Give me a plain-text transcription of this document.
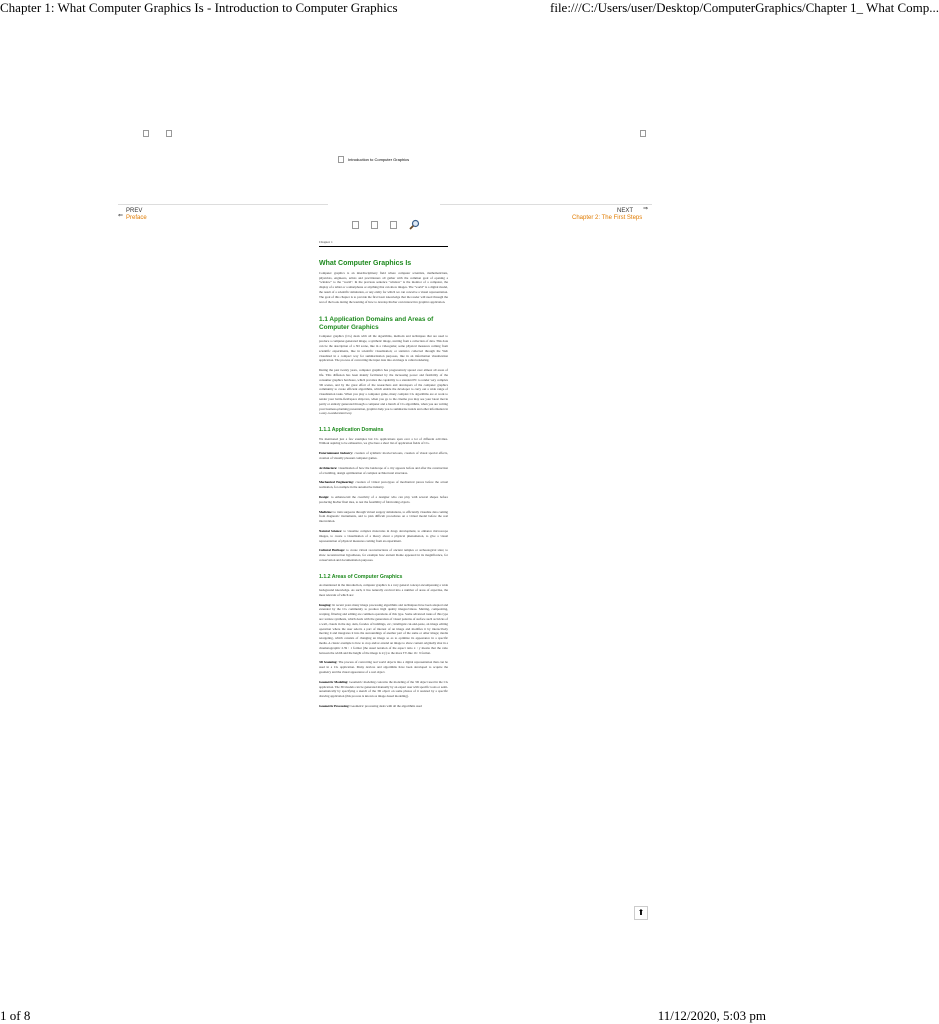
Chapter 1: What Computer Graphics Is - Introduction to Computer Graphics	file:///C:/Users/user/Desktop/ComputerGraphics/Chapter 1_ What Comp...
Introduction to Computer Graphics
PREV
⇐ Preface
NEXT ⇒
Chapter 2: The First Steps
Chapter 1
What Computer Graphics Is

Computer graphics is an interdisciplinary field where computer scientists, mathematicians, physicists, engineers, artists and practitioners all gather with the common goal of opening a "window" to the "world". In the previous sentence "window" is the monitor of a computer, the display of a tablet or a smartphone or anything that can show images. The "world" is a digital model, the result of a scientific simulation, or any entity for which we can conceive a visual representation. The goal of this chapter is to provide the first basic knowledge that the reader will need through the rest of the book during the learning of how to develop his/her own interactive graphics application.

1.1 Application Domains and Areas of Computer Graphics

Computer graphics (CG) deals with all the algorithms, methods and techniques that are used to produce a computer-generated image, a synthetic image, starting from a collection of data. This data can be the description of a 3D scene, like in a videogame; some physical measures coming from scientific experiments, like in scientific visualization; or statistics collected through the Web visualized in a compact way for summarization purposes, like in an information visualization application. The process of converting the input data into an image is called rendering.

During the past twenty years, computer graphics has progressively spread over almost all areas of life. This diffusion has been mainly facilitated by the increasing power and flexibility of the consumer graphics hardware, which provides the capability to a standard PC to render very complex 3D scenes, and by the great effort of the researchers and developers of the computer graphics community to create efficient algorithms, which enable the developer to carry out a wide range of visualization tasks. When you play a computer game, many complex CG algorithms are at work to render your battle-field/space ship/cars, when you go to the cinema you may see your latest movie partly or entirely generated through a computer and a bunch of CG algorithms, when you are writing your business-planning presentation, graphics help you to summarize trends and other information in a easy-to-understand way.

1.1.1 Application Domains

We mentioned just a few examples but CG applications span over a lot of different activities. Without aspiring to be exhaustive, we give here a short list of application fields of CG.

Entertainment Industry: creation of synthetic movie/cartoons, creation of visual special effects, creation of visually pleasant computer games.

Architecture: visualization of how the landscape of a city appears before and after the construction of a building, design optimization of complex architectural structures.

Mechanical Engineering: creation of virtual prototypes of mechanical pieces before the actual realization, for example in the automotive industry.

Design: to enhance/aid the creativity of a designer who can play with several shapes before producing his/her final idea, to test the feasibility of fabricating objects.

Medicine: to train surgeons through virtual surgery simulations, to efficiently visualize data coming from diagnostic instruments, and to plan difficult procedures on a virtual model before the real intervention.

Natural Science: to visualize complex molecules in drugs development, to enhance microscope images, to create a visualization of a theory about a physical phenomenon, to give a visual representation of physical measures coming from an experiment.

Cultural Heritage: to create virtual reconstructions of ancient temples or archeological sites; to show reconstruction hypotheses, for example how ancient Rome appeared in its magnificence, for conservation and documentation purposes.

1.1.2 Areas of Computer Graphics

As mentioned in the introduction, computer graphics is a very general concept encompassing a wide background knowledge. As such, it has naturally evolved into a number of areas of expertise, the most relevant of which are:

Imaging: In recent years many image processing algorithms and techniques have been adopted and extended by the CG community to produce high quality images/videos. Matting, compositing, warping, filtering and editing are common operations of this type. Some advanced tasks of this type are: texture synthesis, which deals with the generation of visual patterns of surface such as bricks of a wall, clouds in the sky, skin, facades of buildings, etc.; intelligent cut-and-paste, an image editing operation where the user selects a part of interest of an image and modifies it by interactively moving it and integrates it into the surroundings of another part of the same or other image; media retargeting, which consists of changing an image so as to optimize its appearance in a specific media. A classic example is how to crop and/or extend an image to show content originally shot in a cinematographic 2.39 : 1 format (the usual notation of the aspect ratio x : y means that the ratio between the width and the height of the image is x/y) to the more TV-like 16 : 9 format.

3D Scanning: The process of converting real world objects into a digital representation than can be used in a CG application. Many devices and algorithms have been developed to acquire the geometry and the visual appearance of a real object.

Geometric Modeling: Geometric modeling concerns the modeling of the 3D object used in the CG application. The 3D models can be generated manually by an expert user with specific tools or semi-automatically by specifying a sketch of the 3D object on some photos of it assisted by a specific drawing application (this process is known as image-based modeling).

Geometric Processing: Geometric processing deals with all the algorithms used

⬆
1 of 8	11/12/2020, 5:03 pm
